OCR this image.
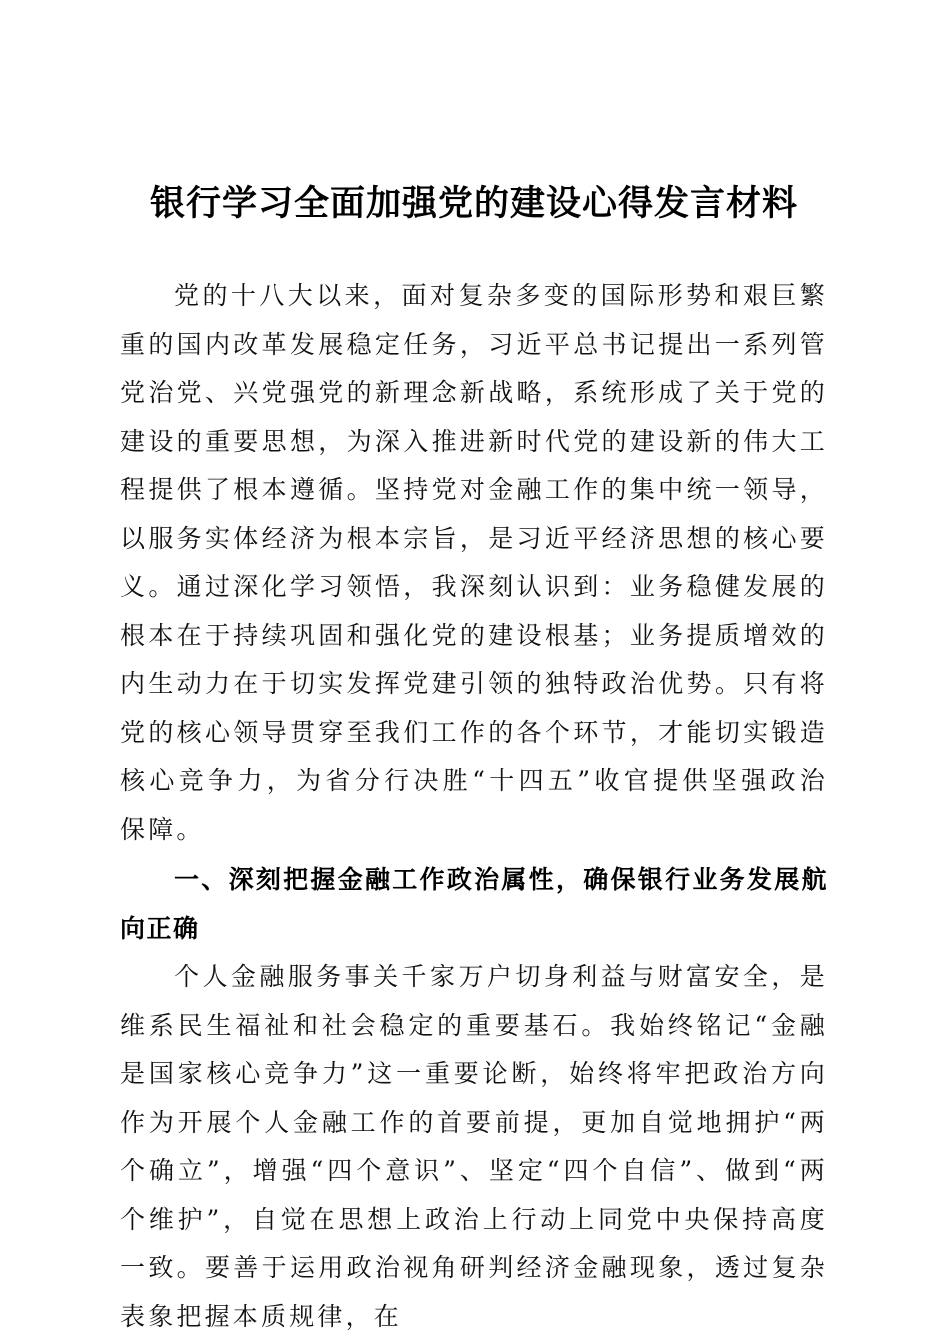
银行学习全面加强党的建设心得发言材料

党的十八大以来，面对复杂多变的国际形势和艰巨繁重的国内改革发展稳定任务，习近平总书记提出一系列管党治党、兴党强党的新理念新战略，系统形成了关于党的建设的重要思想，为深入推进新时代党的建设新的伟大工程提供了根本遵循。坚持党对金融工作的集中统一领导，以服务实体经济为根本宗旨，是习近平经济思想的核心要义。通过深化学习领悟，我深刻认识到：业务稳健发展的根本在于持续巩固和强化党的建设根基；业务提质增效的内生动力在于切实发挥党建引领的独特政治优势。只有将党的核心领导贯穿至我们工作的各个环节，才能切实锻造核心竞争力，为省分行决胜“十四五”收官提供坚强政治保障。

一、深刻把握金融工作政治属性，确保银行业务发展航向正确

个人金融服务事关千家万户切身利益与财富安全，是维系民生福祉和社会稳定的重要基石。我始终铭记“金融是国家核心竞争力”这一重要论断，始终将牢把政治方向作为开展个人金融工作的首要前提，更加自觉地拥护“两个确立”，增强“四个意识”、坚定“四个自信”、做到“两个维护”，自觉在思想上政治上行动上同党中央保持高度一致。要善于运用政治视角研判经济金融现象，透过复杂表象把握本质规律，在
